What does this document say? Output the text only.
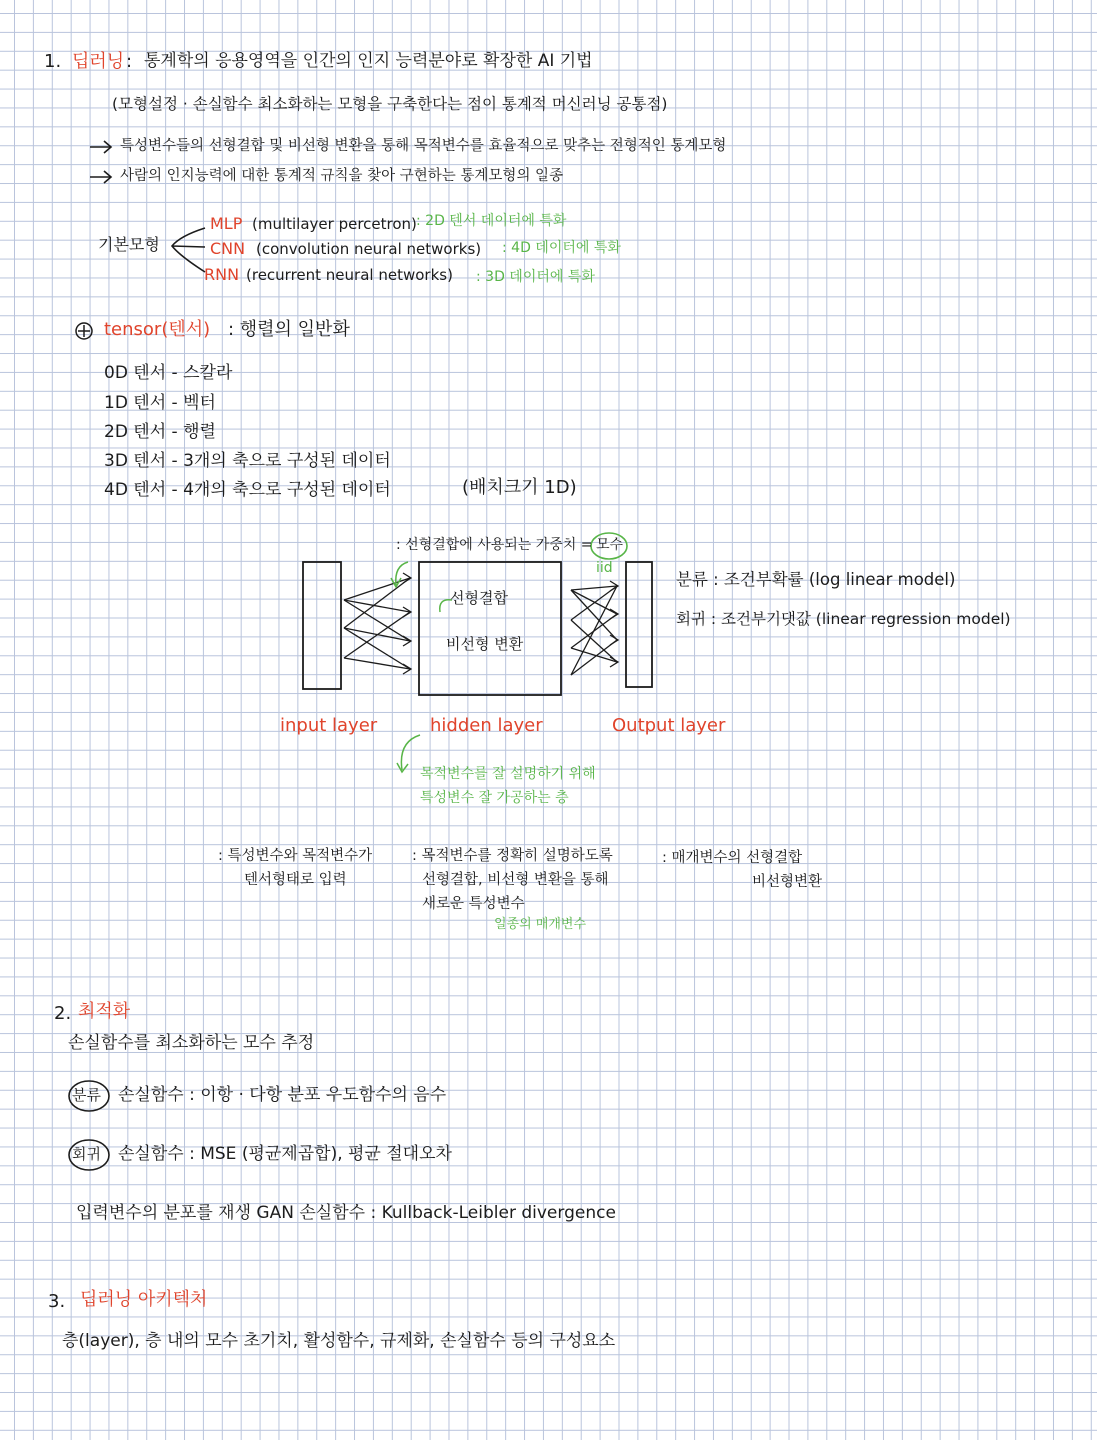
1. 딥러닝 : 통계학의 응용영역을 인간의 인지 능력분야로 확장한 AI 기법
(모형설정 · 손실함수 최소화하는 모형을 구축한다는 점이 통계적 머신러닝 공통점)
특성변수들의 선형결합 및 비선형 변환을 통해 목적변수를 효율적으로 맞추는 전형적인 통계모형
사람의 인지능력에 대한 통계적 규칙을 찾아 구현하는 통계모형의 일종
기본모형
MLP (multilayer percetron) : 2D 텐서 데이터에 특화
CNN (convolution neural networks) : 4D 데이터에 특화
RNN (recurrent neural networks) : 3D 데이터에 특화
tensor(텐서) : 행렬의 일반화
0D 텐서 - 스칼라
1D 텐서 - 벡터
2D 텐서 - 행렬
3D 텐서 - 3개의 축으로 구성된 데이터
4D 텐서 - 4개의 축으로 구성된 데이터	(배치크기 1D)
: 선형결합에 사용되는 가중치 = 모수
iid
선형결합
비선형 변환
input layer	hidden layer	Output layer
목적변수를 잘 설명하기 위해
특성변수 잘 가공하는 층
분류 : 조건부확률 (log linear model)
회귀 : 조건부기댓값 (linear regression model)
: 특성변수와 목적변수가
텐서형태로 입력
: 목적변수를 정확히 설명하도록
선형결합, 비선형 변환을 통해
새로운 특성변수
일종의 매개변수
: 매개변수의 선형결합
비선형변환
2. 최적화
손실함수를 최소화하는 모수 추정
분류 손실함수 : 이항 · 다항 분포 우도함수의 음수
회귀 손실함수 : MSE (평균제곱합), 평균 절대오차
입력변수의 분포를 재생 GAN 손실함수 : Kullback-Leibler divergence
3. 딥러닝 아키텍처
층(layer), 층 내의 모수 초기치, 활성함수, 규제화, 손실함수 등의 구성요소
